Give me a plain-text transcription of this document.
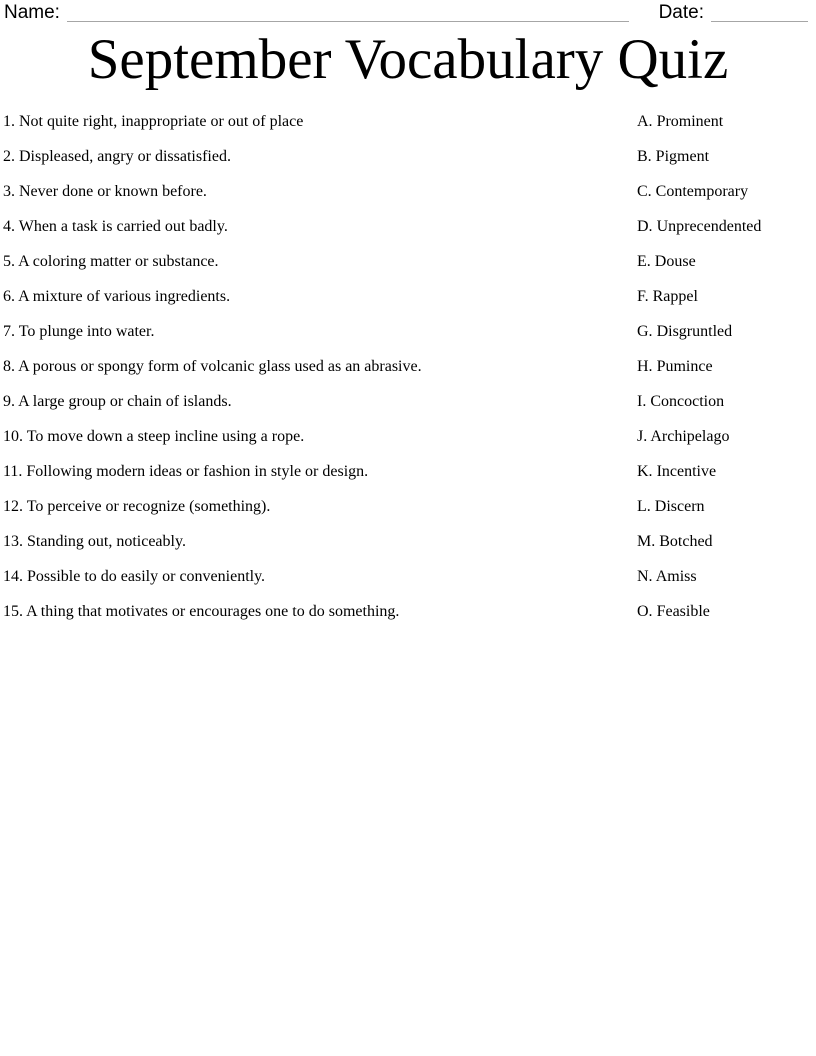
Name:	Date:
September Vocabulary Quiz
1. Not quite right, inappropriate or out of place
2. Displeased, angry or dissatisfied.
3. Never done or known before.
4. When a task is carried out badly.
5. A coloring matter or substance.
6. A mixture of various ingredients.
7. To plunge into water.
8. A porous or spongy form of volcanic glass used as an abrasive.
9. A large group or chain of islands.
10. To move down a steep incline using a rope.
11. Following modern ideas or fashion in style or design.
12. To perceive or recognize (something).
13. Standing out, noticeably.
14. Possible to do easily or conveniently.
15. A thing that motivates or encourages one to do something.
A. Prominent
B. Pigment
C. Contemporary
D. Unprecendented
E. Douse
F. Rappel
G. Disgruntled
H. Pumince
I. Concoction
J. Archipelago
K. Incentive
L. Discern
M. Botched
N. Amiss
O. Feasible
